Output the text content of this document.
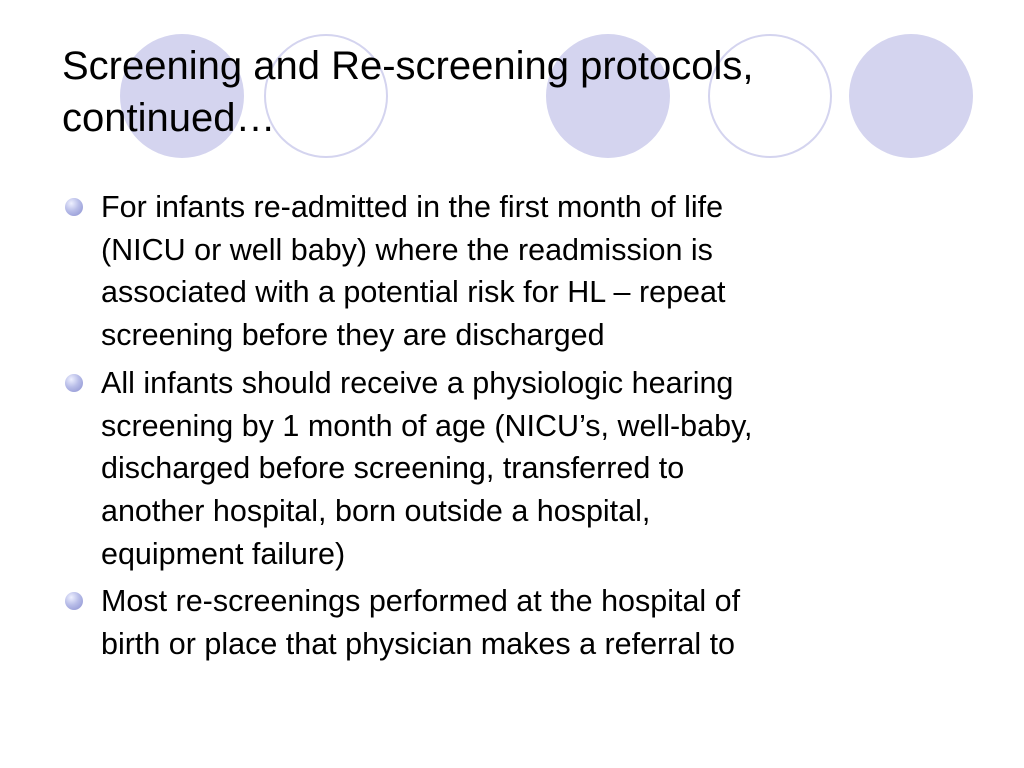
Screening and Re-screening protocols,
continued…
For infants re-admitted in the first month of life
(NICU or well baby) where the readmission is
associated with a potential risk for HL – repeat
screening before they are discharged
All infants should receive a physiologic hearing
screening by 1 month of age (NICU’s, well-baby,
discharged before screening, transferred to
another hospital, born outside a hospital,
equipment failure)
Most re-screenings performed at the hospital of
birth or place that physician makes a referral to
